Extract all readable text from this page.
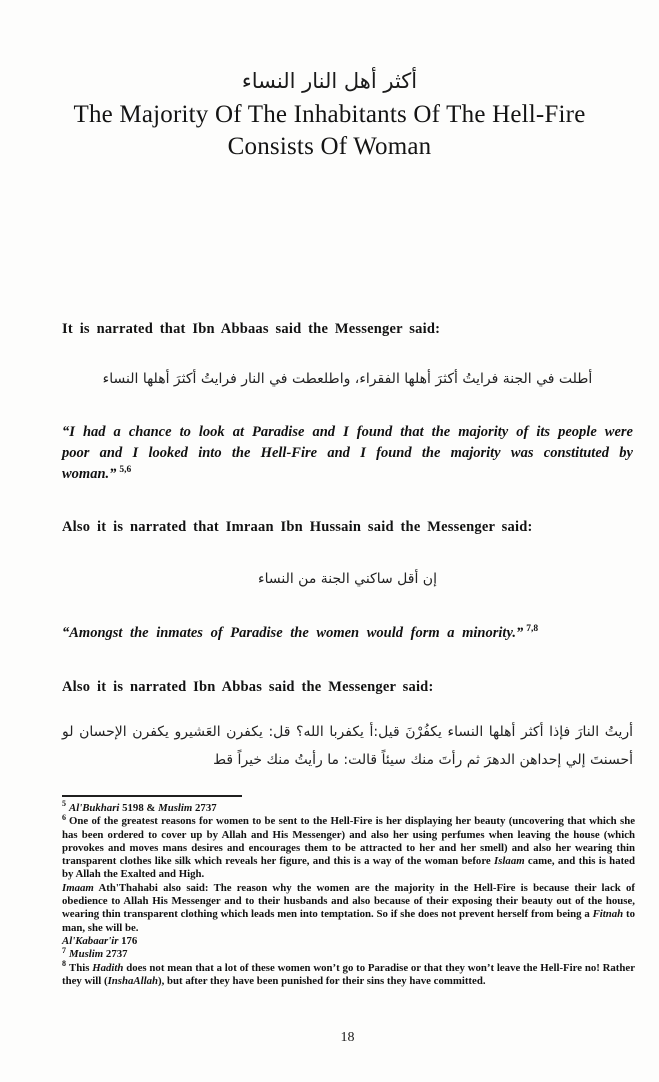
أكثر أهل النار النساء
The Majority Of The Inhabitants Of The Hell-Fire
Consists Of Woman

It is narrated that Ibn Abbaas said the Messenger said:

أطلت في الجنة فرايتُ أكثرَ أهلها الفقراء، واطلعطت في النار فرايتُ أكثرَ أهلها النساء

“I had a chance to look at Paradise and I found that the majority of its people were poor and I looked into the Hell-Fire and I found the majority was constituted by woman.” $^{5,6}$

Also it is narrated that Imraan Ibn Hussain said the Messenger said:

إن أقل ساكني الجنة من النساء

“Amongst the inmates of Paradise the women would form a minority.” $^{7,8}$

Also it is narrated Ibn Abbas said the Messenger said:

أريتُ النارَ فإذا أكثر أهلها النساء يكفُرْنَ قيل:أ يكفربا الله؟ قل: يكفرن العَشيرو يكفرن الإحسان لو أحسنتَ إلي إحداهن الدهرَ ثم رأتَ منك سيئاً قالت: ما رأيتُ منك خيراً قط

$^5$ Al'Bukhari 5198 & Muslim 2737

$^6$ One of the greatest reasons for women to be sent to the Hell-Fire is her displaying her beauty (uncovering that which she has been ordered to cover up by Allah and His Messenger) and also her using perfumes when leaving the house (which provokes and moves mans desires and encourages them to be attracted to her and her smell) and also her wearing thin transparent clothes like silk which reveals her figure, and this is a way of the woman before Islaam came, and this is hated by Allah the Exalted and High.

Imaam Ath'Thahabi also said: The reason why the women are the majority in the Hell-Fire is because their lack of obedience to Allah His Messenger and to their husbands and also because of their exposing their beauty out of the house, wearing thin transparent clothing which leads men into temptation. So if she does not prevent herself from being a Fitnah to man, she will be.

Al'Kabaar'ir 176

$^7$ Muslim 2737

$^8$ This Hadith does not mean that a lot of these women won’t go to Paradise or that they won’t leave the Hell-Fire no! Rather they will (InshaAllah), but after they have been punished for their sins they have committed.

18
